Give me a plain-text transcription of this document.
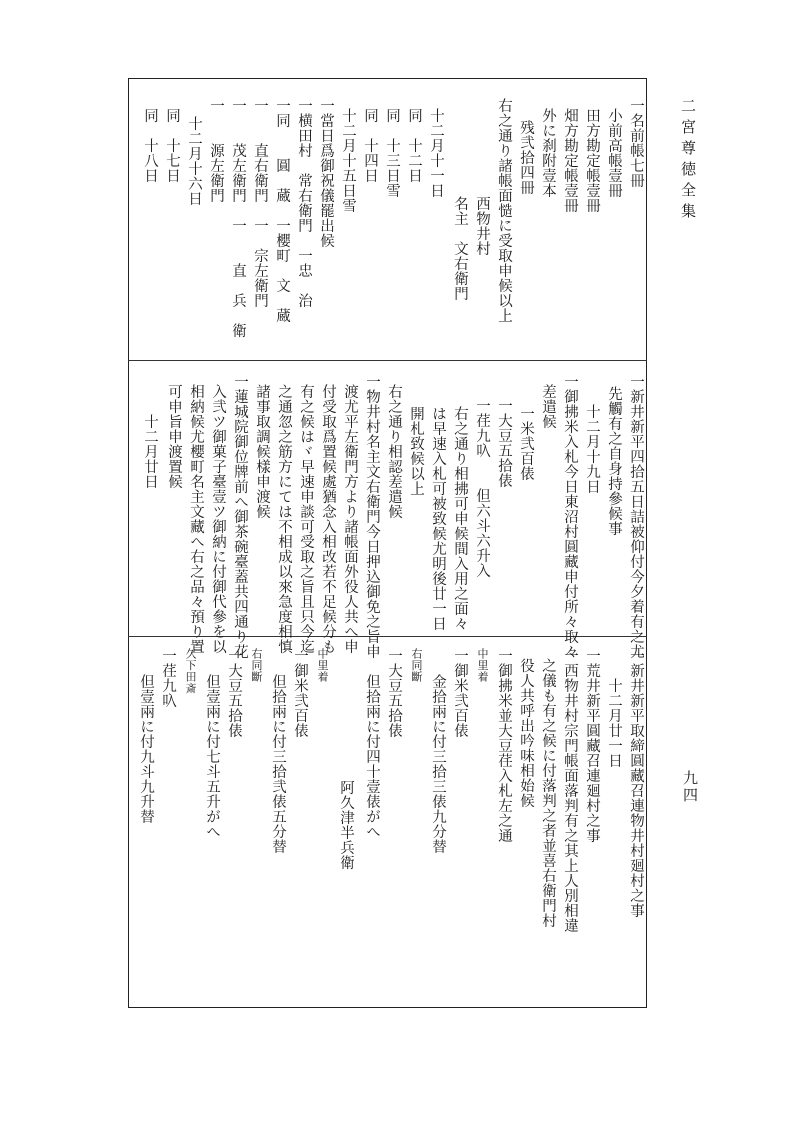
二宮尊徳全集
一名前帳七冊
小前高帳壹冊
田方勘定帳壹冊
畑方勘定帳壹冊
外に刹附壹本
残弐拾四冊
右之通り諸帳面慥に受取申候以上
西物井村
名主　文右衛門
十二月十一日
同　十二日
同　十三日雪
同　十四日
十二月十五日雪
一當日爲御祝儀罷出候
一横田村　常右衛門　一忠　治
一同　　圓　蔵　一櫻町　文　蔵
一　　直右衛門　一　宗左衛門
一　　茂左衛門　一　　直　兵　衛
一　　源左衛門
十二月十六日
同　十七日
同　十八日
一新井新平四拾五日詰被仰付今夕着有之尤
先觸有之自身持參候事
十二月十九日
一御拂米入札今日東沼村圓藏申付所々取々
差遣候
一米弐百俵
一大豆五拾俵
一荏九叺　　但六斗六升入
右之通り相拂可申候間入用之面々
は早速入札可被致候尤明後廿一日
開札致候以上
右之通り相認差遣候
一物井村名主文右衛門今日押込御免之旨申
渡尤平左衛門方より諸帳面外役人共へ申
付受取爲置候處猶念入相改若不足候分も
有之候はヾ早速申談可受取之旨且只今迄
之通忽之筋方にては不相成以來急度相慎
諸事取調候樣申渡候
一蓮城院御位牌前へ御茶碗臺蓋共四通り花
入弐ツ御菓子臺壹ツ御納に付御代參を以
相納候尤櫻町名主文藏へ右之品々預り置
可申旨申渡置候
十二月廿日
一新井新平取締圓藏召連物井村廻村之事
十二月廿一日
一荒井新平圓藏召連廻村之事
一西物井村宗門帳面落判有之其上人別相違
之儀も有之候に付落判之者並喜右衛門村
役人共呼出吟味相始候
一御拂米並大豆荏入札左之通
中里着
一御米弐百俵
金拾兩に付三拾三俵九分替
右同斷
一大豆五拾俵
但拾兩に付四十壹俵がへ
阿久津半兵衛
中里着
一御米弐百俵
但拾兩に付三拾弐俵五分替
右同斷
一大豆五拾俵
但壹兩に付七斗五升がへ
久下田斎
一荏九叺
但壹兩に付九斗九升替	九四
